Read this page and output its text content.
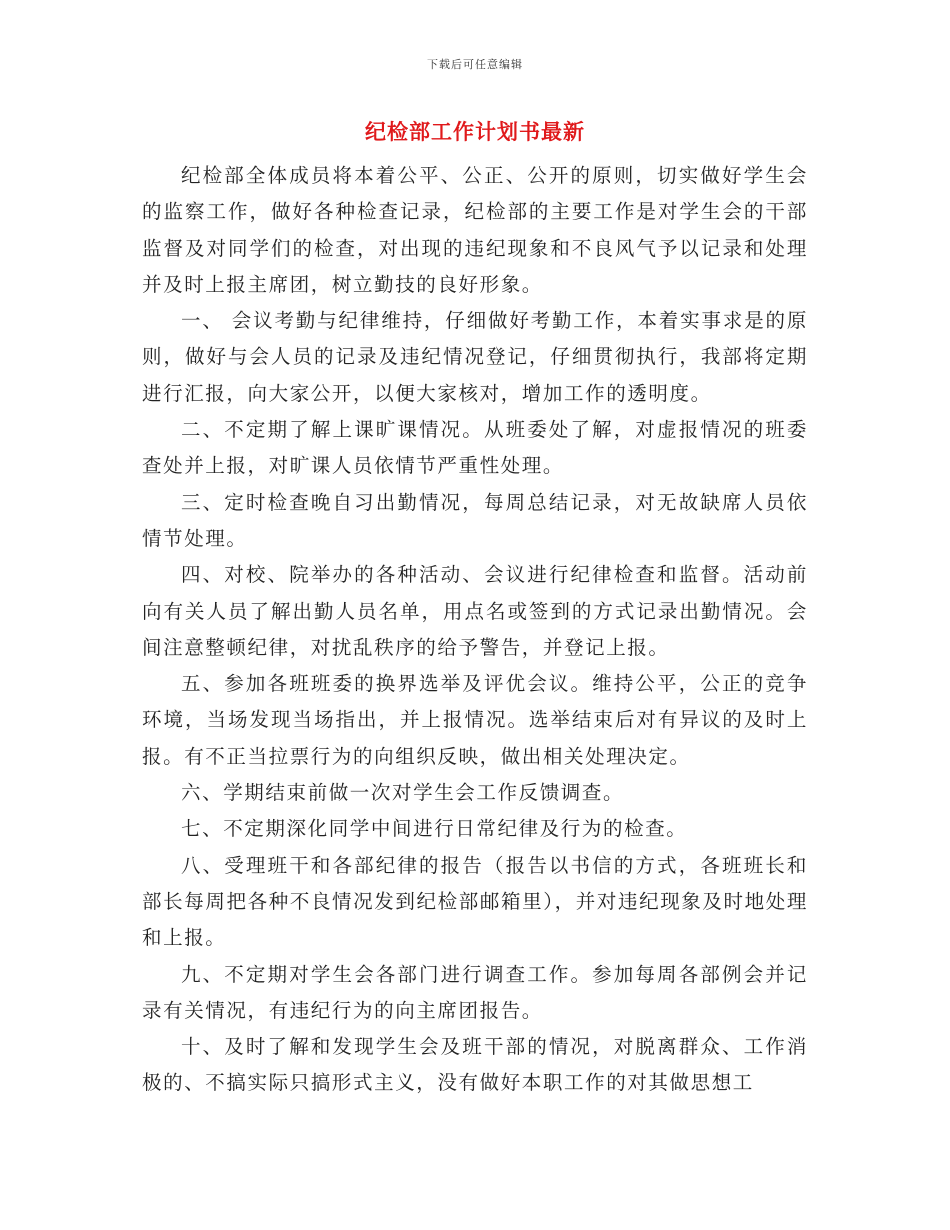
下载后可任意编辑
纪检部工作计划书最新

纪检部全体成员将本着公平、公正、公开的原则，切实做好学生会的监察工作，做好各种检查记录，纪检部的主要工作是对学生会的干部监督及对同学们的检查，对出现的违纪现象和不良风气予以记录和处理并及时上报主席团，树立勤技的良好形象。

一、 会议考勤与纪律维持，仔细做好考勤工作，本着实事求是的原则，做好与会人员的记录及违纪情况登记，仔细贯彻执行，我部将定期进行汇报，向大家公开，以便大家核对，增加工作的透明度。

二、不定期了解上课旷课情况。从班委处了解，对虚报情况的班委查处并上报，对旷课人员依情节严重性处理。

三、定时检查晚自习出勤情况，每周总结记录，对无故缺席人员依情节处理。

四、对校、院举办的各种活动、会议进行纪律检查和监督。活动前向有关人员了解出勤人员名单，用点名或签到的方式记录出勤情况。会间注意整顿纪律，对扰乱秩序的给予警告，并登记上报。

五、参加各班班委的换界选举及评优会议。维持公平，公正的竞争环境，当场发现当场指出，并上报情况。选举结束后对有异议的及时上报。有不正当拉票行为的向组织反映，做出相关处理决定。

六、学期结束前做一次对学生会工作反馈调查。

七、不定期深化同学中间进行日常纪律及行为的检查。

八、受理班干和各部纪律的报告（报告以书信的方式，各班班长和部长每周把各种不良情况发到纪检部邮箱里），并对违纪现象及时地处理和上报。

九、不定期对学生会各部门进行调查工作。参加每周各部例会并记录有关情况，有违纪行为的向主席团报告。

十、及时了解和发现学生会及班干部的情况，对脱离群众、工作消极的、不搞实际只搞形式主义，没有做好本职工作的对其做思想工
